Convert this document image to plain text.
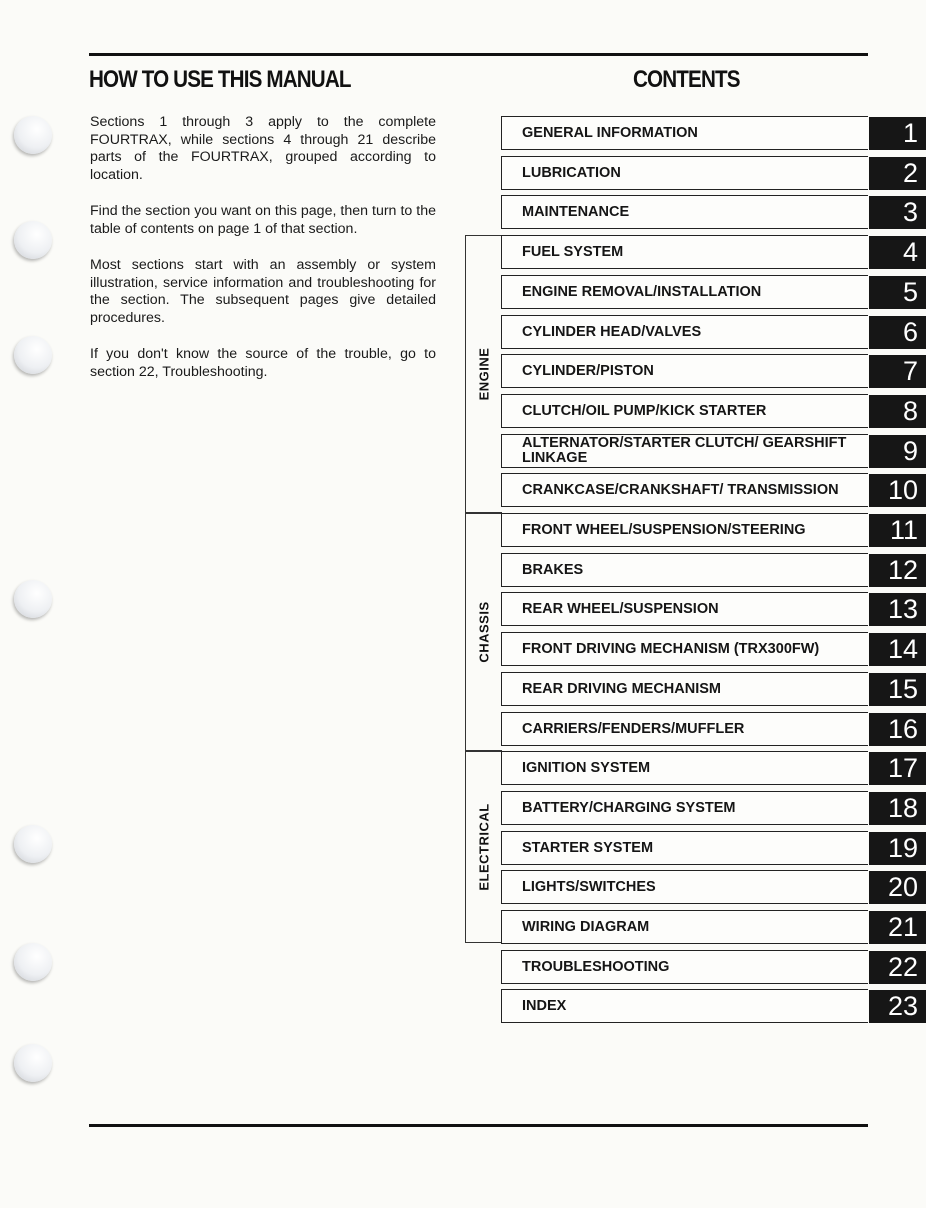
HOW TO USE THIS MANUAL	CONTENTS

Sections 1 through 3 apply to the complete FOURTRAX, while sections 4 through 21 describe parts of the FOURTRAX, grouped according to location.

Find the section you want on this page, then turn to the table of contents on page 1 of that section.

Most sections start with an assembly or system illustration, service information and troubleshooting for the section. The subsequent pages give detailed procedures.

If you don't know the source of the trouble, go to section 22, Troubleshooting.	ENGINE
CHASSIS
ELECTRICAL
GENERAL INFORMATION	1
LUBRICATION	2
MAINTENANCE	3
FUEL SYSTEM	4
ENGINE REMOVAL/INSTALLATION	5
CYLINDER HEAD/VALVES	6
CYLINDER/PISTON	7
CLUTCH/OIL PUMP/KICK STARTER	8
ALTERNATOR/STARTER CLUTCH/ GEARSHIFT LINKAGE	9
CRANKCASE/CRANKSHAFT/ TRANSMISSION	10
FRONT WHEEL/SUSPENSION/STEERING	11
BRAKES	12
REAR WHEEL/SUSPENSION	13
FRONT DRIVING MECHANISM (TRX300FW)	14
REAR DRIVING MECHANISM	15
CARRIERS/FENDERS/MUFFLER	16
IGNITION SYSTEM	17
BATTERY/CHARGING SYSTEM	18
STARTER SYSTEM	19
LIGHTS/SWITCHES	20
WIRING DIAGRAM	21
TROUBLESHOOTING	22
INDEX	23
